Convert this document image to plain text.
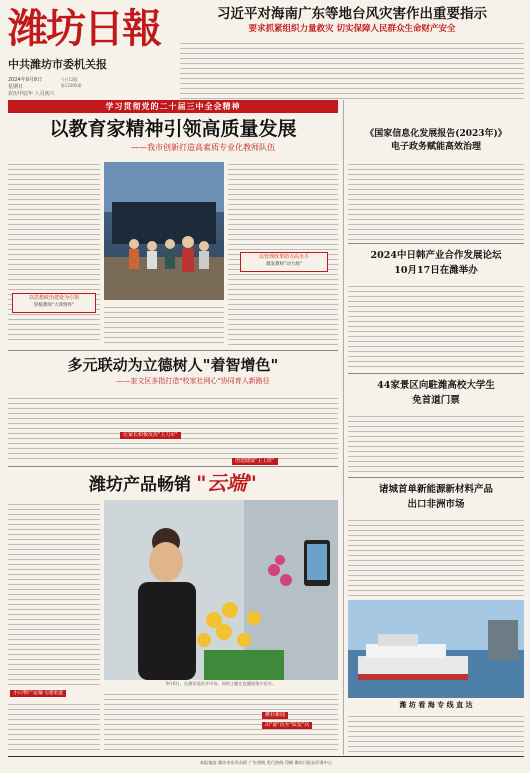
潍坊日報
中共潍坊市委机关报
2024年9月8日
星期日
农历甲辰年 八月初六
今日12版
第13395期
习近平对海南广东等地台风灾害作出重要指示
要求抓紧组织力量救灾 切实保障人民群众生命财产安全
学习贯彻党的二十届三中全会精神
以教育家精神引领高质量发展
——我市创新打造高素质专业化教师队伍
以思想政治建设为引领
厚植教师"大我情怀"
以管理改革助力高水平
激发教师"动力源"
多元联动为立德树人"着智增色"
——奎文区多指打造"校家社网心"协同育人新路径
让家长积极发挥"主力军"
创建健康"主上阵"
潍坊产品畅销 "云端"
小白物产运输飞速渠道
9月6日，在潍坊某花卉市场，网络主播在直播间推介花卉。
潍社新闻
由"量"次至"质变"次
《国家信息化发展报告(2023年)》
电子政务赋能高效治理
2024中日韩产业合作发展论坛
10月17日在潍举办
44家景区向駐潍高校大学生
免首道门票
诸城首单新能源新材料产品
出口非洲市场
潍 坊 看 海 专 线 直 达
本报地址 潍坊市东风东街 广告热线 发行热线 印刷 潍坊日报社印务中心
